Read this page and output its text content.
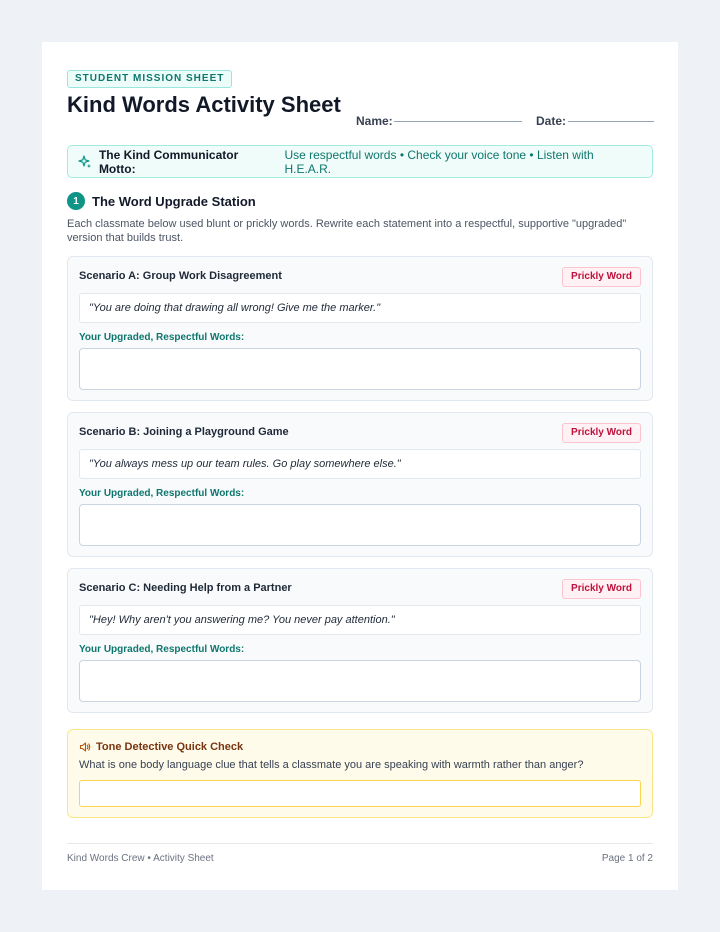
STUDENT MISSION SHEET
Kind Words Activity Sheet
Name:	Date:
The Kind Communicator Motto:
Use respectful words • Check your voice tone • Listen with H.E.A.R.
1	The Word Upgrade Station
Each classmate below used blunt or prickly words. Rewrite each statement into a respectful, supportive "upgraded" version that builds trust.
Scenario A: Group Work Disagreement	Prickly Word
"You are doing that drawing all wrong! Give me the marker."
Your Upgraded, Respectful Words:
Scenario B: Joining a Playground Game	Prickly Word
"You always mess up our team rules. Go play somewhere else."
Your Upgraded, Respectful Words:
Scenario C: Needing Help from a Partner	Prickly Word
"Hey! Why aren't you answering me? You never pay attention."
Your Upgraded, Respectful Words:
Tone Detective Quick Check
What is one body language clue that tells a classmate you are speaking with warmth rather than anger?
Kind Words Crew • Activity Sheet	Page 1 of 2
